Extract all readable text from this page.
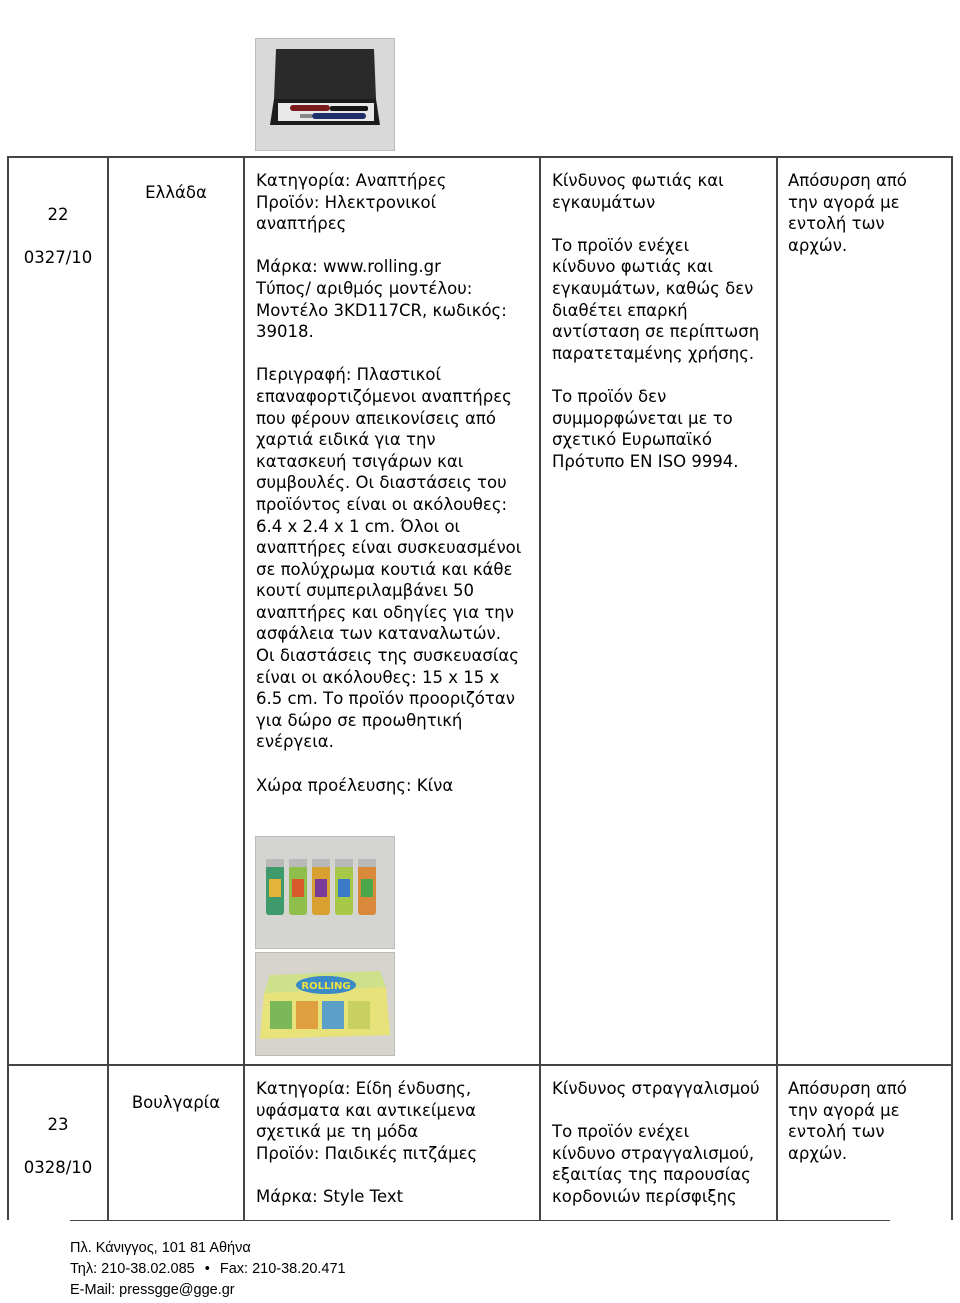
22

0327/10

Ελλάδα
Κατηγορία: Αναπτήρες
Προϊόν: Ηλεκτρονικοί
αναπτήρες

Μάρκα: www.rolling.gr
Τύπος/ αριθμός μοντέλου:
Μοντέλο 3KD117CR, κωδικός:
39018.

Περιγραφή: Πλαστικοί
επαναφορτιζόμενοι αναπτήρες
που φέρουν απεικονίσεις από
χαρτιά ειδικά για την
κατασκευή τσιγάρων και
συμβουλές. Οι διαστάσεις του
προϊόντος είναι οι ακόλουθες:
6.4 x 2.4 x 1 cm. Όλοι οι
αναπτήρες είναι συσκευασμένοι
σε πολύχρωμα κουτιά και κάθε
κουτί συμπεριλαμβάνει 50
αναπτήρες και οδηγίες για την
ασφάλεια των καταναλωτών.
Οι διαστάσεις της συσκευασίας
είναι οι ακόλουθες: 15 x 15 x
6.5 cm. Το προϊόν προοριζόταν
για δώρο σε προωθητική
ενέργεια.

Χώρα προέλευσης: Κίνα
Κίνδυνος φωτιάς και
εγκαυμάτων

Το προϊόν ενέχει
κίνδυνο φωτιάς και
εγκαυμάτων, καθώς δεν
διαθέτει επαρκή
αντίσταση σε περίπτωση
παρατεταμένης χρήσης.

Το προϊόν δεν
συμμορφώνεται με το
σχετικό Ευρωπαϊκό
Πρότυπο EN ISO 9994.
Απόσυρση από
την αγορά με
εντολή των
αρχών.
ROLLING

23

0328/10

Βουλγαρία
Κατηγορία: Είδη ένδυσης,
υφάσματα και αντικείμενα
σχετικά με τη μόδα
Προϊόν: Παιδικές πιτζάμες

Μάρκα: Style Text
Κίνδυνος στραγγαλισμού

Το προϊόν ενέχει
κίνδυνο στραγγαλισμού,
εξαιτίας της παρουσίας
κορδονιών περίσφιξης
Απόσυρση από
την αγορά με
εντολή των
αρχών.
Πλ. Κάνιγγος, 101 81 Αθήνα
Τηλ: 210-38.02.085 • Fax: 210-38.20.471
E-Mail: pressgge@gge.gr
